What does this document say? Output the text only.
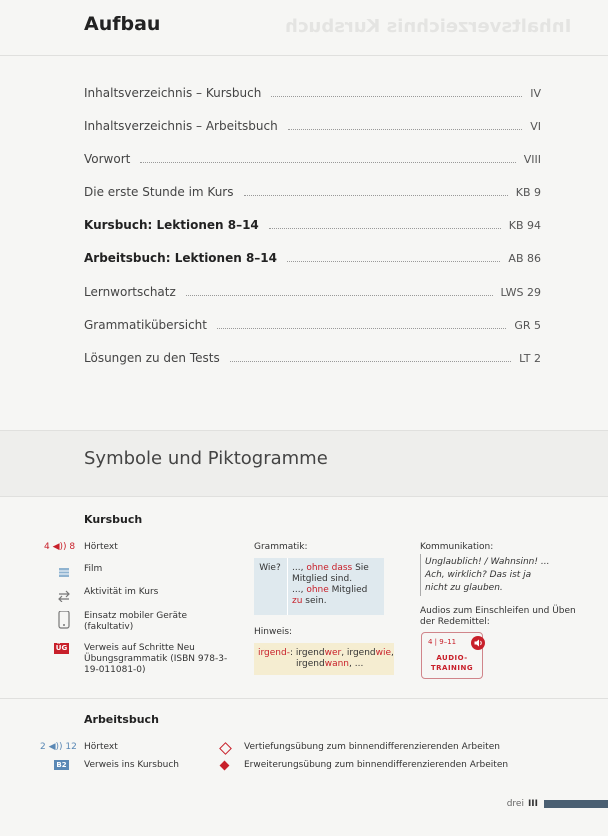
Aufbau	Inhaltsverzeichnis Kursbuch
Inhaltsverzeichnis – Kursbuch	IV
Inhaltsverzeichnis – Arbeitsbuch	VI
Vorwort	VIII
Die erste Stunde im Kurs	KB 9
Kursbuch: Lektionen 8–14	KB 94
Arbeitsbuch: Lektionen 8–14	AB 86
Lernwortschatz	LWS 29
Grammatikübersicht	GR 5
Lösungen zu den Tests	LT 2
Symbole und Piktogramme
Kursbuch
4 ◀)) 8 Hörtext
Film
Aktivität im Kurs
Einsatz mobiler Geräte (fakultativ)
ÜG Verweis auf Schritte Neu Übungsgrammatik (ISBN 978-3-19-011081-0)
Grammatik:
Wie?	..., ohne dass Sie
Mitglied sind.
..., ohne Mitglied
zu sein.
Hinweis:
irgend-: irgendwer, irgendwie,
irgendwann, ...
Kommunikation:
Unglaublich! / Wahnsinn! ...
Ach, wirklich? Das ist ja
nicht zu glauben.
Audios zum Einschleifen und Üben der Redemittel:
4 | 9–11
AUDIO-
TRAINING
Arbeitsbuch
2 ◀)) 12 Hörtext
B2 Verweis ins Kursbuch
Vertiefungsübung zum binnendifferenzierenden Arbeiten
Erweiterungsübung zum binnendifferenzierenden Arbeiten
drei III
